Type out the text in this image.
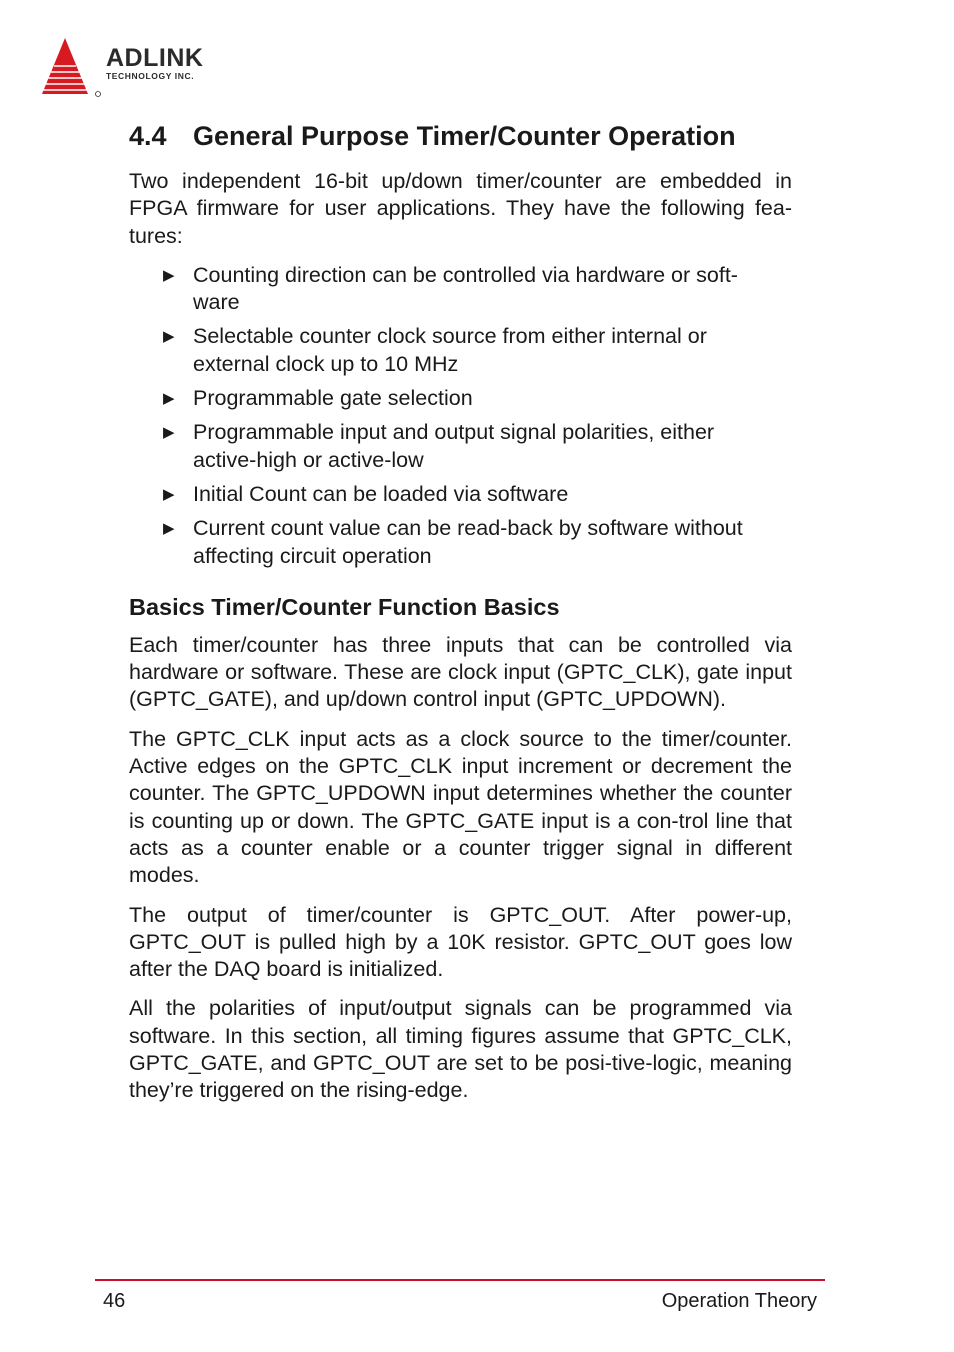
ADLINK
TECHNOLOGY INC.
4.4 General Purpose Timer/Counter Operation

Two independent 16-bit up/down timer/counter are embedded in FPGA firmware for user applications. They have the following fea-tures:

▶ Counting direction can be controlled via hardware or soft-ware
▶ Selectable counter clock source from either internal or external clock up to 10 MHz
▶ Programmable gate selection
▶ Programmable input and output signal polarities, either active-high or active-low
▶ Initial Count can be loaded via software
▶ Current count value can be read-back by software without affecting circuit operation
Basics Timer/Counter Function Basics

Each timer/counter has three inputs that can be controlled via hardware or software. These are clock input (GPTC_CLK), gate input (GPTC_GATE), and up/down control input (GPTC_UPDOWN).

The GPTC_CLK input acts as a clock source to the timer/counter. Active edges on the GPTC_CLK input increment or decrement the counter. The GPTC_UPDOWN input determines whether the counter is counting up or down. The GPTC_GATE input is a con-trol line that acts as a counter enable or a counter trigger signal in different modes.

The output of timer/counter is GPTC_OUT. After power-up, GPTC_OUT is pulled high by a 10K resistor. GPTC_OUT goes low after the DAQ board is initialized.

All the polarities of input/output signals can be programmed via software. In this section, all timing figures assume that GPTC_CLK, GPTC_GATE, and GPTC_OUT are set to be posi-tive-logic, meaning they’re triggered on the rising-edge.

46	Operation Theory
